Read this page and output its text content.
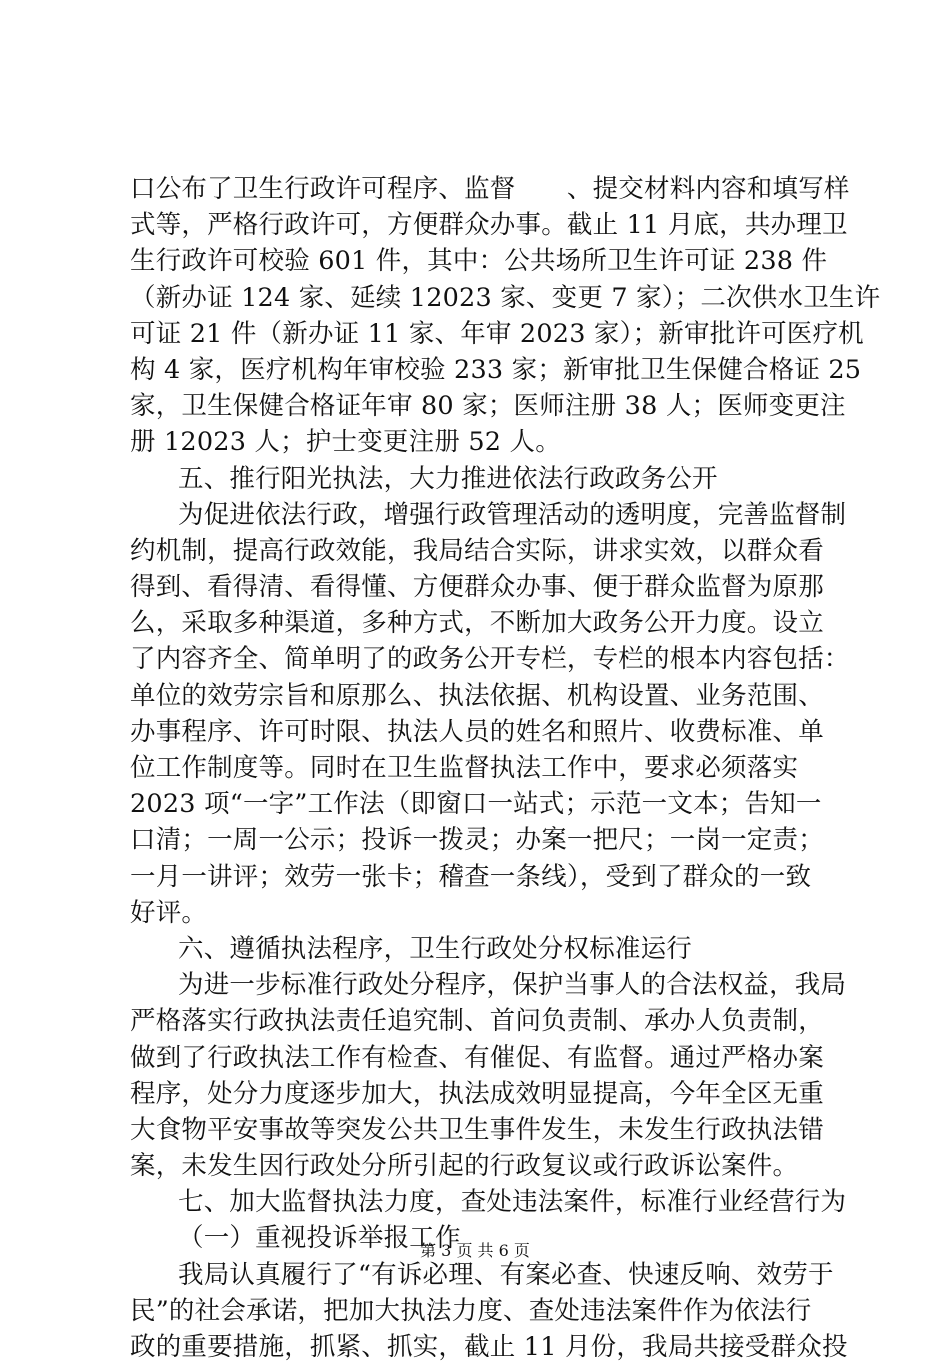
口公布了卫生行政许可程序、监督　　、提交材料内容和填写样
式等，严格行政许可，方便群众办事。截止 11 月底，共办理卫
生行政许可校验 601 件，其中：公共场所卫生许可证 238 件
（新办证 124 家、延续 12023 家、变更 7 家）；二次供水卫生许
可证 21 件（新办证 11 家、年审 2023 家）；新审批许可医疗机
构 4 家，医疗机构年审校验 233 家；新审批卫生保健合格证 25
家，卫生保健合格证年审 80 家；医师注册 38 人；医师变更注
册 12023 人；护士变更注册 52 人。
五、推行阳光执法，大力推进依法行政政务公开
为促进依法行政，增强行政管理活动的透明度，完善监督制
约机制，提高行政效能，我局结合实际，讲求实效，以群众看
得到、看得清、看得懂、方便群众办事、便于群众监督为原那
么，采取多种渠道，多种方式，不断加大政务公开力度。设立
了内容齐全、简单明了的政务公开专栏，专栏的根本内容包括：
单位的效劳宗旨和原那么、执法依据、机构设置、业务范围、
办事程序、许可时限、执法人员的姓名和照片、收费标准、单
位工作制度等。同时在卫生监督执法工作中，要求必须落实
2023 项“一字”工作法（即窗口一站式；示范一文本；告知一
口清；一周一公示；投诉一拨灵；办案一把尺；一岗一定责；
一月一讲评；效劳一张卡；稽查一条线），受到了群众的一致
好评。
六、遵循执法程序，卫生行政处分权标准运行
为进一步标准行政处分程序，保护当事人的合法权益，我局
严格落实行政执法责任追究制、首问负责制、承办人负责制，
做到了行政执法工作有检查、有催促、有监督。通过严格办案
程序，处分力度逐步加大，执法成效明显提高，今年全区无重
大食物平安事故等突发公共卫生事件发生，未发生行政执法错
案，未发生因行政处分所引起的行政复议或行政诉讼案件。
七、加大监督执法力度，查处违法案件，标准行业经营行为
（一）重视投诉举报工作
我局认真履行了“有诉必理、有案必查、快速反响、效劳于
民”的社会承诺，把加大执法力度、查处违法案件作为依法行
政的重要措施，抓紧、抓实，截止 11 月份，我局共接受群众投
第 3 页 共 6 页
